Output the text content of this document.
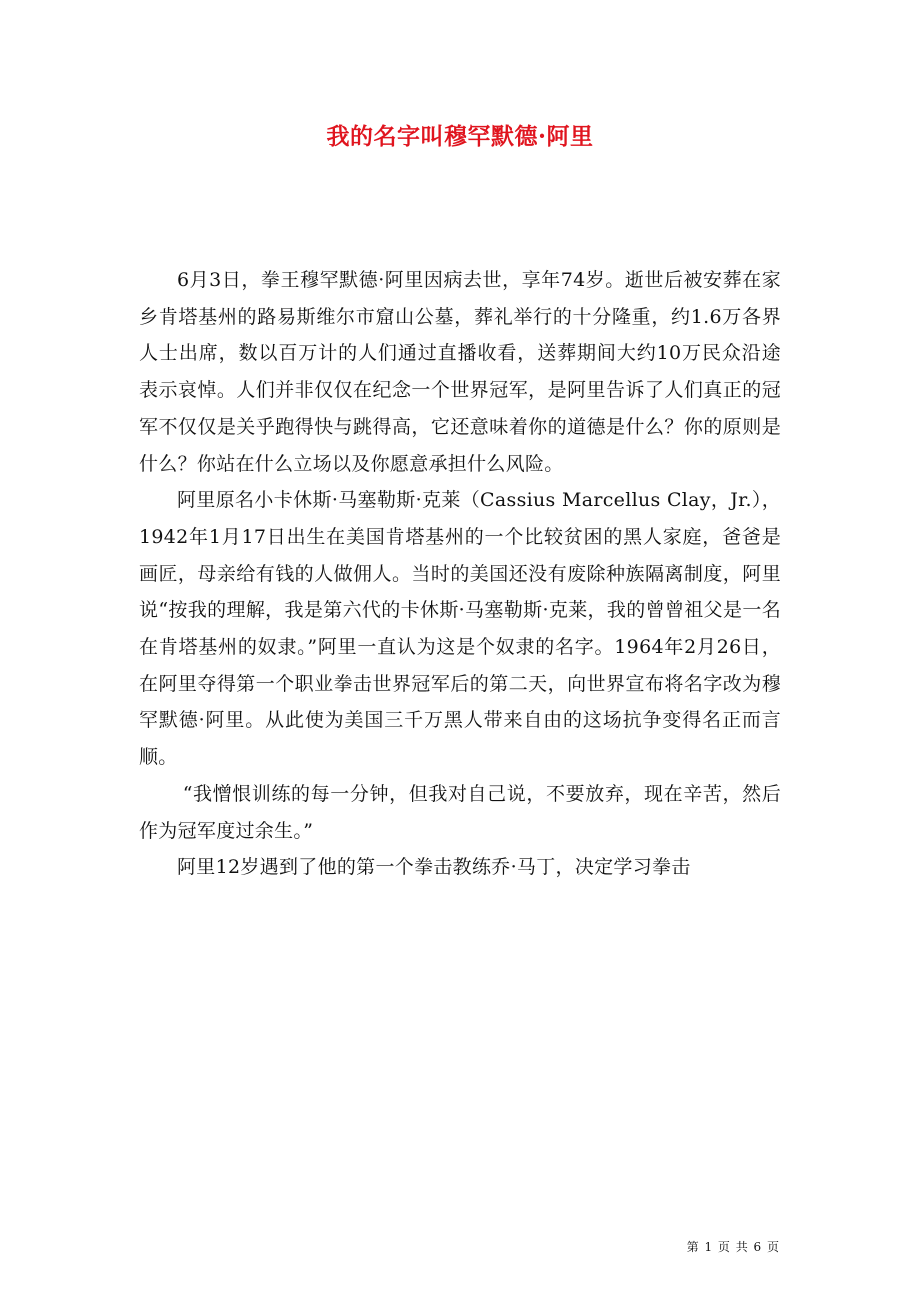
我的名字叫穆罕默德·阿里

6月3日，拳王穆罕默德·阿里因病去世，享年74岁。逝世后被安葬在家乡肯塔基州的路易斯维尔市窟山公墓，葬礼举行的十分隆重，约1.6万各界人士出席，数以百万计的人们通过直播收看，送葬期间大约10万民众沿途表示哀悼。人们并非仅仅在纪念一个世界冠军，是阿里告诉了人们真正的冠军不仅仅是关乎跑得快与跳得高，它还意味着你的道德是什么？你的原则是什么？你站在什么立场以及你愿意承担什么风险。

阿里原名小卡休斯·马塞勒斯·克莱（Cassius Marcellus Clay，Jr.），1942年1月17日出生在美国肯塔基州的一个比较贫困的黑人家庭，爸爸是画匠，母亲给有钱的人做佣人。当时的美国还没有废除种族隔离制度，阿里说“按我的理解，我是第六代的卡休斯·马塞勒斯·克莱，我的曾曾祖父是一名在肯塔基州的奴隶。”阿里一直认为这是个奴隶的名字。1964年2月26日，在阿里夺得第一个职业拳击世界冠军后的第二天，向世界宣布将名字改为穆罕默德·阿里。从此使为美国三千万黑人带来自由的这场抗争变得名正而言顺。

“我憎恨训练的每一分钟，但我对自己说，不要放弃，现在辛苦，然后作为冠军度过余生。”

阿里12岁遇到了他的第一个拳击教练乔·马丁，决定学习拳击

第 1 页 共 6 页
